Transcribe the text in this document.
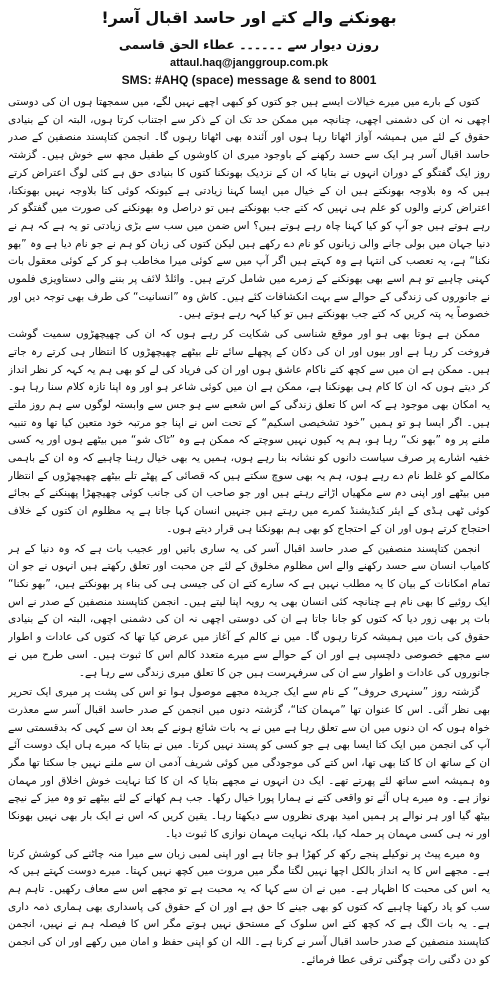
بھونکنے والے کتے اور حاسد اقبال آسر!
روزن دیوار سے ۔۔۔۔۔۔ عطاء الحق قاسمی
attaul.haq@janggroup.com.pk
SMS: #AHQ (space) message & send to 8001

کتوں کے بارے میں میرے خیالات ایسے ہیں جو کتوں کو کبھی اچھے نہیں لگے، میں سمجھتا ہوں ان کی دوستی اچھی نہ ان کی دشمنی اچھی، چنانچہ میں ممکن حد تک ان کے ذکر سے اجتناب کرتا ہوں، البتہ ان کے بنیادی حقوق کے لئے میں ہمیشہ آواز اٹھاتا رہا ہوں اور آئندہ بھی اٹھاتا رہوں گا۔ انجمن کتاپسند منصفین کے صدر حاسد اقبال آسر ہر ایک سے حسد رکھنے کے باوجود میری ان کاوشوں کے طفیل مجھ سے خوش ہیں۔ گزشتہ روز ایک گفتگو کے دوران انہوں نے بتایا کہ ان کے نزدیک بھونکنا کتوں کا بنیادی حق ہے کئی لوگ اعتراض کرتے ہیں کہ وہ بلاوجہ بھونکتے ہیں ان کے خیال میں ایسا کہنا زیادتی ہے کیونکہ کوئی کتا بلاوجہ نہیں بھونکتا، اعتراض کرنے والوں کو علم ہی نہیں کہ کتے جب بھونکتے ہیں تو دراصل وہ بھونکنے کی صورت میں گفتگو کر رہے ہوتے ہیں جو آپ کو کیا کہنا چاہ رہے ہوتے ہیں؟ اس ضمن میں سب سے بڑی زیادتی تو یہ ہے کہ ہم نے دنیا جہان میں بولی جانے والی زبانوں کو نام دے رکھے ہیں لیکن کتوں کی زبان کو ہم نے جو نام دیا ہے وہ ”بھو نکنا“ ہے، یہ تعصب کی انتہا ہے وہ کہتے ہیں اگر آپ میں سے کوئی میرا مخاطب ہو کر کے کوئی معقول بات کہنی چاہیے تو ہم اسے بھی بھونکنے کے زمرے میں شامل کرتے ہیں۔ وائلڈ لائف پر بننے والی دستاویزی فلموں نے جانوروں کی زندگی کے حوالے سے بہت انکشافات کئے ہیں۔ کاش وہ ”انسانیت“ کی طرف بھی توجہ دیں اور خصوصاً یہ پتہ کریں کہ کتے جب بھونکتے ہیں تو کیا کہہ رہے ہوتے ہیں۔

ممکن ہے ہوتا بھی ہو اور موقع شناسی کی شکایت کر رہے ہوں کہ ان کی چھیچھڑوں سمیت گوشت فروخت کر رہا ہے اور بیوں اور ان کی دکان کے پچھلے سائے تلے بیٹھے چھیچھڑوں کا انتظار ہی کرتے رہ جاتے ہیں۔ ممکن ہے ان میں سے کچھ کتے ناکام عاشق ہوں اور ان کی فریاد کی لے کو بھی ہم یہ کہہ کر نظر انداز کر دیتے ہوں کہ ان کا کام ہی بھونکنا ہے، ممکن ہے ان میں کوئی شاعر ہو اور وہ اپنا تازہ کلام سنا رہا ہو۔ یہ امکان بھی موجود ہے کہ اس کا تعلق زندگی کے اس شعبے سے ہو جس سے وابستہ لوگوں سے ہم روز ملتے ہیں۔ اگر ایسا ہو تو ہمیں ”خود تشخیصی اسکیم“ کے تحت اس نے اپنا جو مرتبہ خود متعین کیا تھا وہ تنبیہ ملنے پر وہ ”بھو نک“ رہا ہو، ہم یہ کیوں نہیں سوچتے کہ ممکن ہے وہ ”ٹاک شو“ میں بیٹھے ہوں اور یہ کسی خفیہ اشارے پر صرف سیاست دانوں کو نشانہ بنا رہے ہوں، ہمیں یہ بھی خیال رہنا چاہیے کہ وہ ان کے باہمی مکالمے کو غلط نام دے رہے ہوں، ہم یہ بھی سوچ سکتے ہیں کہ قصائی کے پھٹے تلے بیٹھے چھیچھڑوں کے انتظار میں بیٹھے اور اپنی دم سے مکھیاں اڑاتے رہتے ہیں اور جو صاحب ان کی جانب کوئی چھیچھڑا پھینکنے کے بجائے کوئی ٹھی ہڈی کے ایئر کنڈیشنڈ کمرے میں رہتے ہیں جنہیں انسان کہا جاتا ہے یہ مظلوم ان کتوں کے خلاف احتجاج کرتے ہوں اور ان کے احتجاج کو بھی ہم بھونکنا ہی قرار دیتے ہوں۔

انجمن کتاپسند منصفین کے صدر حاسد اقبال آسر کی یہ ساری باتیں اور عجیب بات ہے کہ وہ دنیا کے ہر کامیاب انسان سے حسد رکھنے والے اس مظلوم مخلوق کے لئے جن محبت اور تعلق رکھتے ہیں انہوں نے جو ان تمام امکانات کے بیان کا یہ مطلب نہیں ہے کہ سارے کتے ان کی جیسی ہی کی بناء پر بھونکتے ہیں، ”بھو نکنا“ ایک روئیے کا بھی نام ہے چنانچہ کئی انسان بھی یہ رویہ اپنا لیتے ہیں۔ انجمن کتاپسند منصفین کے صدر نے اس بات پر بھی زور دیا کہ کتوں کو جانا جاتا ہے ان کی دوستی اچھی نہ ان کی دشمنی اچھی، البتہ ان کے بنیادی حقوق کی بات میں ہمیشہ کرتا رہوں گا۔ میں نے کالم کے آغاز میں عرض کیا تھا کہ کتوں کی عادات و اطوار سے مجھے خصوصی دلچسپی ہے اور ان کے حوالے سے میرے متعدد کالم اس کا ثبوت ہیں۔ اسی طرح میں نے جانوروں کی عادات و اطوار سے ان کی سرفہرست ہیں جن کا تعلق میری زندگی سے رہا ہے۔

گزشتہ روز ”سنہری حروف“ کے نام سے ایک جریدہ مجھے موصول ہوا تو اس کی پشت پر میری ایک تحریر بھی نظر آئی۔ اس کا عنوان تھا ”مہمان کتا“، گزشتہ دنوں میں انجمن کے صدر حاسد اقبال آسر سے معذرت خواہ ہوں کہ ان دنوں میں ان سے تعلق رہا ہے میں نے یہ بات شائع ہونے کے بعد ان سے کہی کہ بدقسمتی سے آپ کی انجمن میں ایک کتا ایسا بھی ہے جو کسی کو پسند نہیں کرتا۔ میں نے بتایا کہ میرے ہاں ایک دوست آئے ان کے ساتھ ان کا کتا بھی تھا، اس کتے کی موجودگی میں کوئی شریف آدمی ان سے ملنے نہیں جا سکتا تھا مگر وہ ہمیشہ اسے ساتھ لئے پھرتے تھے۔ ایک دن انہوں نے مجھے بتایا کہ ان کا کتا نہایت خوش اخلاق اور مہمان نواز ہے۔ وہ میرے ہاں آئے تو واقعی کتے نے ہمارا پورا خیال رکھا۔ جب ہم کھانے کے لئے بیٹھے تو وہ میز کے نیچے بیٹھ گیا اور ہر نوالے پر ہمیں امید بھری نظروں سے دیکھتا رہا۔ یقین کریں کہ اس نے ایک بار بھی نہیں بھونکا اور نہ ہی کسی مہمان پر حملہ کیا، بلکہ نہایت مہمان نوازی کا ثبوت دیا۔

وہ میرے پیٹ پر نوکیلے پنجے رکھ کر کھڑا ہو جاتا ہے اور اپنی لمبی زبان سے میرا منہ چاٹنے کی کوشش کرتا ہے۔ مجھے اس کا یہ انداز بالکل اچھا نہیں لگتا مگر میں مروت میں کچھ نہیں کہتا۔ میرے دوست کہتے ہیں کہ یہ اس کی محبت کا اظہار ہے۔ میں نے ان سے کہا کہ یہ محبت ہے تو مجھے اس سے معاف رکھیں۔ تاہم ہم سب کو یاد رکھنا چاہیے کہ کتوں کو بھی جینے کا حق ہے اور ان کے حقوق کی پاسداری بھی ہماری ذمہ داری ہے۔ یہ بات الگ ہے کہ کچھ کتے اس سلوک کے مستحق نہیں ہوتے مگر اس کا فیصلہ ہم نے نہیں، انجمن کتاپسند منصفین کے صدر حاسد اقبال آسر نے کرنا ہے۔ اللہ ان کو اپنی حفظ و امان میں رکھے اور ان کی انجمن کو دن دگنی رات چوگنی ترقی عطا فرمائے۔
